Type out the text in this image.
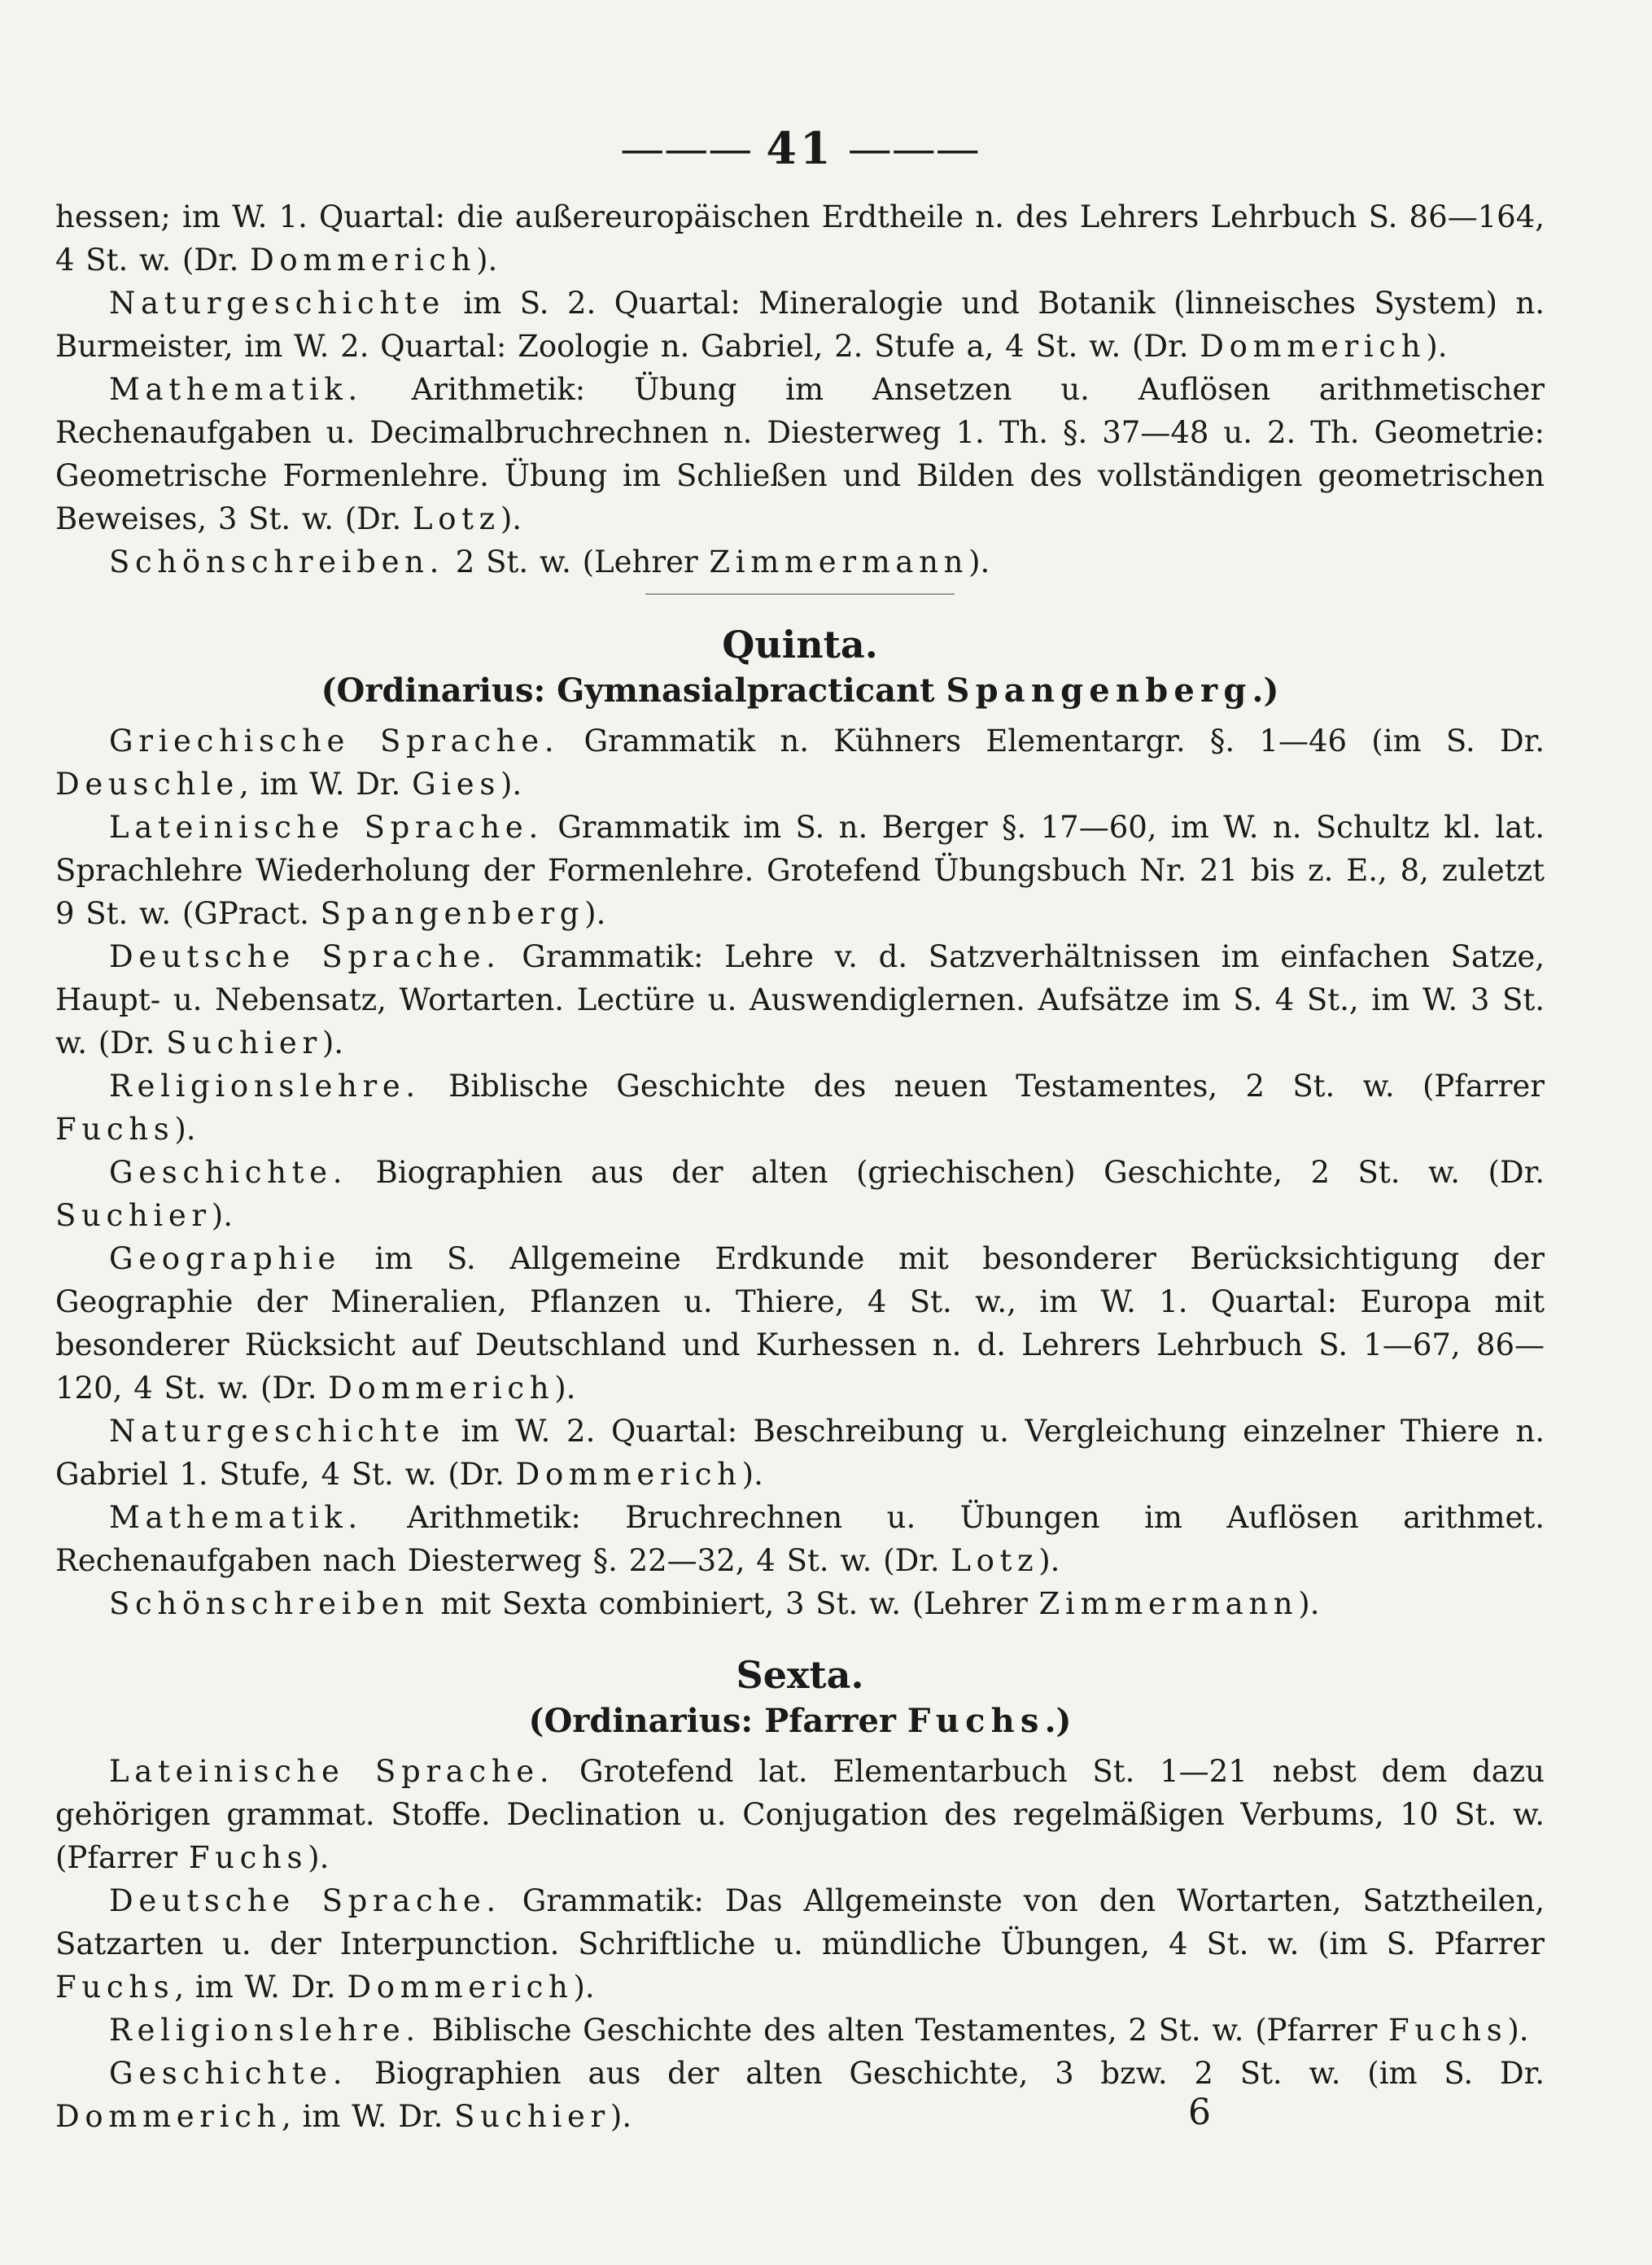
——— 41 ———

hessen; im W. 1. Quartal: die außereuropäischen Erdtheile n. des Lehrers Lehrbuch S. 86—164, 4 St. w. (Dr. Dommerich).

Naturgeschichte im S. 2. Quartal: Mineralogie und Botanik (linneisches System) n. Burmeister, im W. 2. Quartal: Zoologie n. Gabriel, 2. Stufe a, 4 St. w. (Dr. Dommerich).

Mathematik. Arithmetik: Übung im Ansetzen u. Auflösen arithmetischer Rechenaufgaben u. Decimalbruchrechnen n. Diesterweg 1. Th. §. 37—48 u. 2. Th. Geometrie: Geometrische Formenlehre. Übung im Schließen und Bilden des vollständigen geometrischen Beweises, 3 St. w. (Dr. Lotz).

Schönschreiben. 2 St. w. (Lehrer Zimmermann).

Quinta.
(Ordinarius: Gymnasialpracticant Spangenberg.)

Griechische Sprache. Grammatik n. Kühners Elementargr. §. 1—46 (im S. Dr. Deuschle, im W. Dr. Gies).

Lateinische Sprache. Grammatik im S. n. Berger §. 17—60, im W. n. Schultz kl. lat. Sprachlehre Wiederholung der Formenlehre. Grotefend Übungsbuch Nr. 21 bis z. E., 8, zuletzt 9 St. w. (GPract. Spangenberg).

Deutsche Sprache. Grammatik: Lehre v. d. Satzverhältnissen im einfachen Satze, Haupt- u. Nebensatz, Wortarten. Lectüre u. Auswendiglernen. Aufsätze im S. 4 St., im W. 3 St. w. (Dr. Suchier).

Religionslehre. Biblische Geschichte des neuen Testamentes, 2 St. w. (Pfarrer Fuchs).

Geschichte. Biographien aus der alten (griechischen) Geschichte, 2 St. w. (Dr. Suchier).

Geographie im S. Allgemeine Erdkunde mit besonderer Berücksichtigung der Geographie der Mineralien, Pflanzen u. Thiere, 4 St. w., im W. 1. Quartal: Europa mit besonderer Rücksicht auf Deutschland und Kurhessen n. d. Lehrers Lehrbuch S. 1—67, 86—120, 4 St. w. (Dr. Dommerich).

Naturgeschichte im W. 2. Quartal: Beschreibung u. Vergleichung einzelner Thiere n. Gabriel 1. Stufe, 4 St. w. (Dr. Dommerich).

Mathematik. Arithmetik: Bruchrechnen u. Übungen im Auflösen arithmet. Rechenaufgaben nach Diesterweg §. 22—32, 4 St. w. (Dr. Lotz).

Schönschreiben mit Sexta combiniert, 3 St. w. (Lehrer Zimmermann).

Sexta.
(Ordinarius: Pfarrer Fuchs.)

Lateinische Sprache. Grotefend lat. Elementarbuch St. 1—21 nebst dem dazu gehörigen grammat. Stoffe. Declination u. Conjugation des regelmäßigen Verbums, 10 St. w. (Pfarrer Fuchs).

Deutsche Sprache. Grammatik: Das Allgemeinste von den Wortarten, Satztheilen, Satzarten u. der Interpunction. Schriftliche u. mündliche Übungen, 4 St. w. (im S. Pfarrer Fuchs, im W. Dr. Dommerich).

Religionslehre. Biblische Geschichte des alten Testamentes, 2 St. w. (Pfarrer Fuchs).

Geschichte. Biographien aus der alten Geschichte, 3 bzw. 2 St. w. (im S. Dr. Dommerich, im W. Dr. Suchier).	6
